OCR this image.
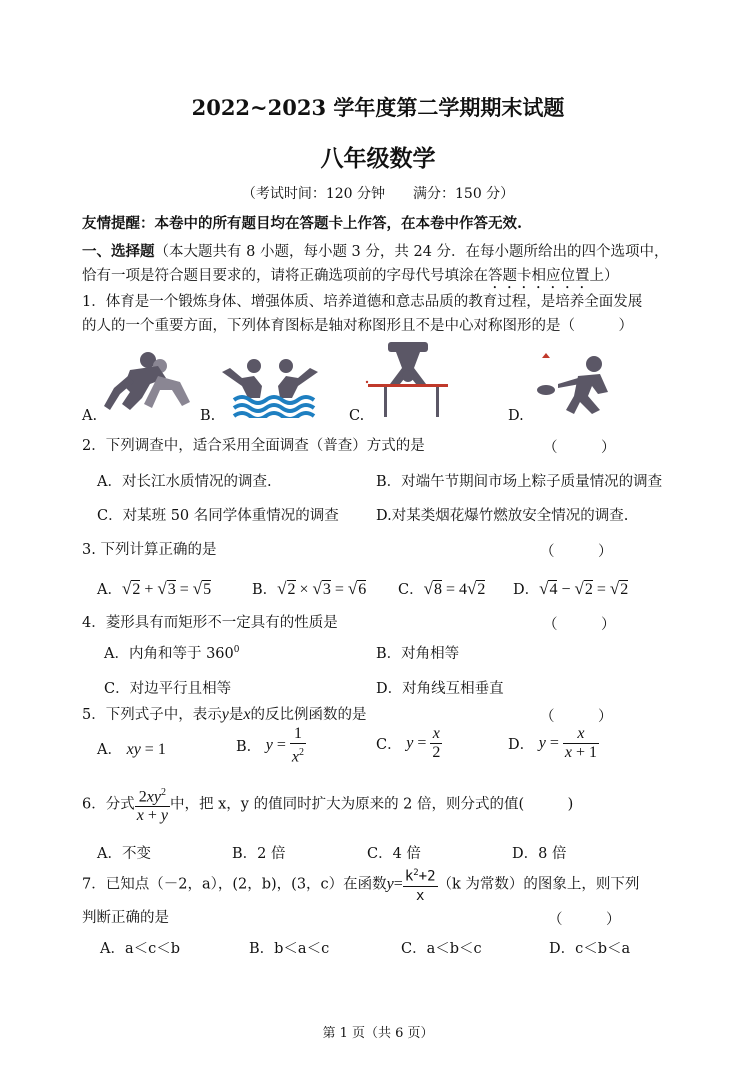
2022~2023 学年度第二学期期末试题
八年级数学
（考试时间：120 分钟　　满分：150 分）
友情提醒：本卷中的所有题目均在答题卡上作答，在本卷中作答无效.
一、选择题（本大题共有 8 小题，每小题 3 分，共 24 分．在每小题所给出的四个选项中，
恰有一项是符合题目要求的，请将正确选项前的字母代号填涂在答题卡相应位置上）
1．体育是一个锻炼身体、增强体质、培养道德和意志品质的教育过程，是培养全面发展
的人的一个重要方面，下列体育图标是轴对称图形且不是中心对称图形的是（　　　）
A.	B.	C.	D.
2．下列调查中，适合采用全面调查（普查）方式的是	（　　　）
A．对长江水质情况的调查.	B．对端午节期间市场上粽子质量情况的调查
C．对某班 50 名同学体重情况的调查	D.对某类烟花爆竹燃放安全情况的调查.
3. 下列计算正确的是	（　　　）
A．√2 + √3 = √5	B．√2 × √3 = √6 C．√8 = 4√2 D．√4 − √2 = √2
4．菱形具有而矩形不一定具有的性质是	（　　　）
A．内角和等于 $360^0$	B．对角相等
C．对边平行且相等	D．对角线互相垂直
5．下列式子中，表示y是x的反比例函数的是	（　　　）
A． xy = 1	B． $y = \frac{1}{x^2}$	C． $y = \frac{x}{2}$	D． $y = \frac{x}{x + 1}$
6．分式 $\frac{2xy^2}{x + y}$ 中，把 x，y 的值同时扩大为原来的 2 倍，则分式的值(　　　)
A．不变	B．2 倍	C．4 倍	D．8 倍
7．已知点（－2，a），(2，b)，(3，c）在函数$y= \frac{k^2+2}{x} (k$ 为常数）的图象上，则下列
判断正确的是	（　　　）
A．a＜c＜b	B．b＜a＜c	C．a＜b＜c	D．c＜b＜a
第 1 页（共 6 页）
